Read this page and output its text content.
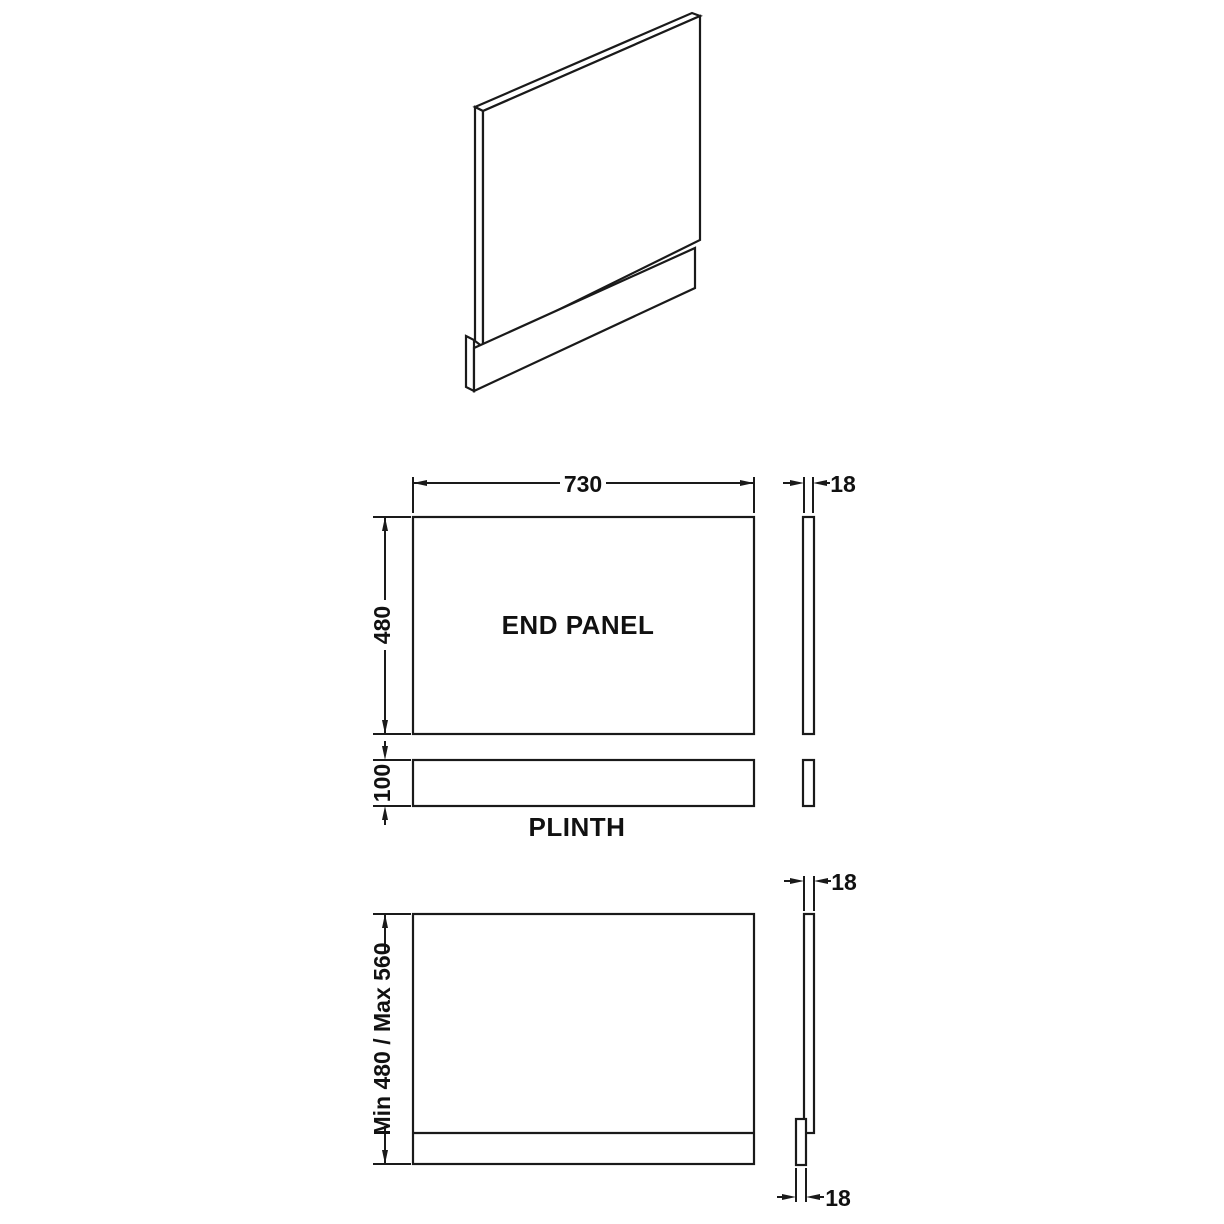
END PANEL
730
480
18
PLINTH
100
Min 480 / Max 560
18
18
